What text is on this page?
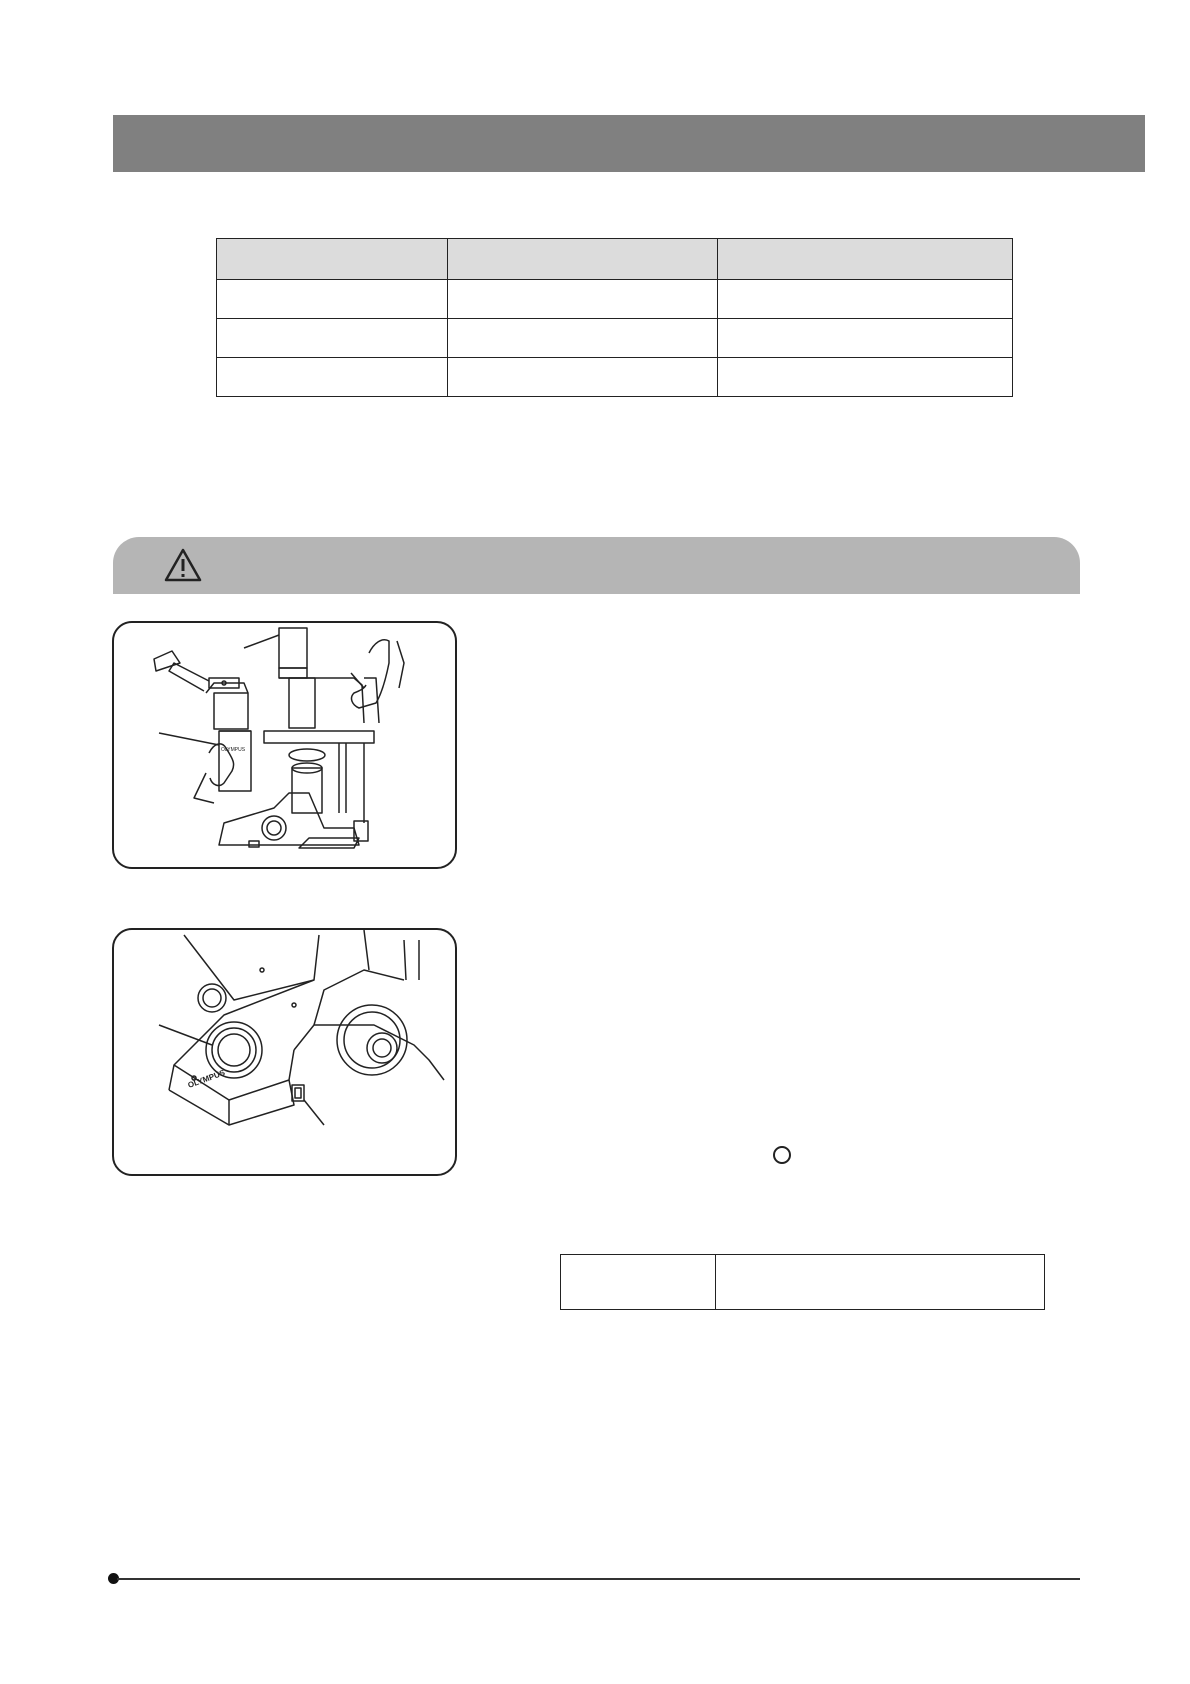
OLYMPUS
OLYMPUS
